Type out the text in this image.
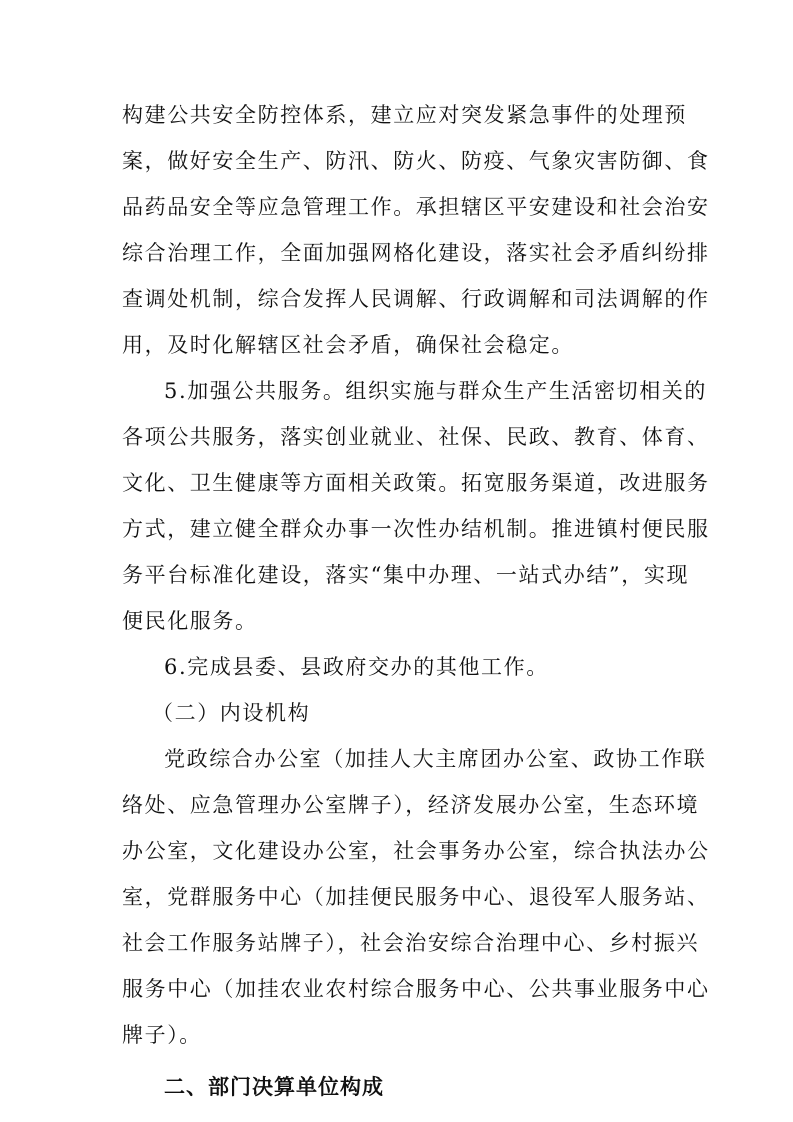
构建公共安全防控体系，建立应对突发紧急事件的处理预
案，做好安全生产、防汛、防火、防疫、气象灾害防御、食
品药品安全等应急管理工作。承担辖区平安建设和社会治安
综合治理工作，全面加强网格化建设，落实社会矛盾纠纷排
查调处机制，综合发挥人民调解、行政调解和司法调解的作
用，及时化解辖区社会矛盾，确保社会稳定。
5.加强公共服务。组织实施与群众生产生活密切相关的
各项公共服务，落实创业就业、社保、民政、教育、体育、
文化、卫生健康等方面相关政策。拓宽服务渠道，改进服务
方式，建立健全群众办事一次性办结机制。推进镇村便民服
务平台标准化建设，落实“集中办理、一站式办结”，实现
便民化服务。
6.完成县委、县政府交办的其他工作。
（二）内设机构
党政综合办公室（加挂人大主席团办公室、政协工作联
络处、应急管理办公室牌子），经济发展办公室，生态环境
办公室，文化建设办公室，社会事务办公室，综合执法办公
室，党群服务中心（加挂便民服务中心、退役军人服务站、
社会工作服务站牌子），社会治安综合治理中心、乡村振兴
服务中心（加挂农业农村综合服务中心、公共事业服务中心
牌子）。
二、部门决算单位构成
